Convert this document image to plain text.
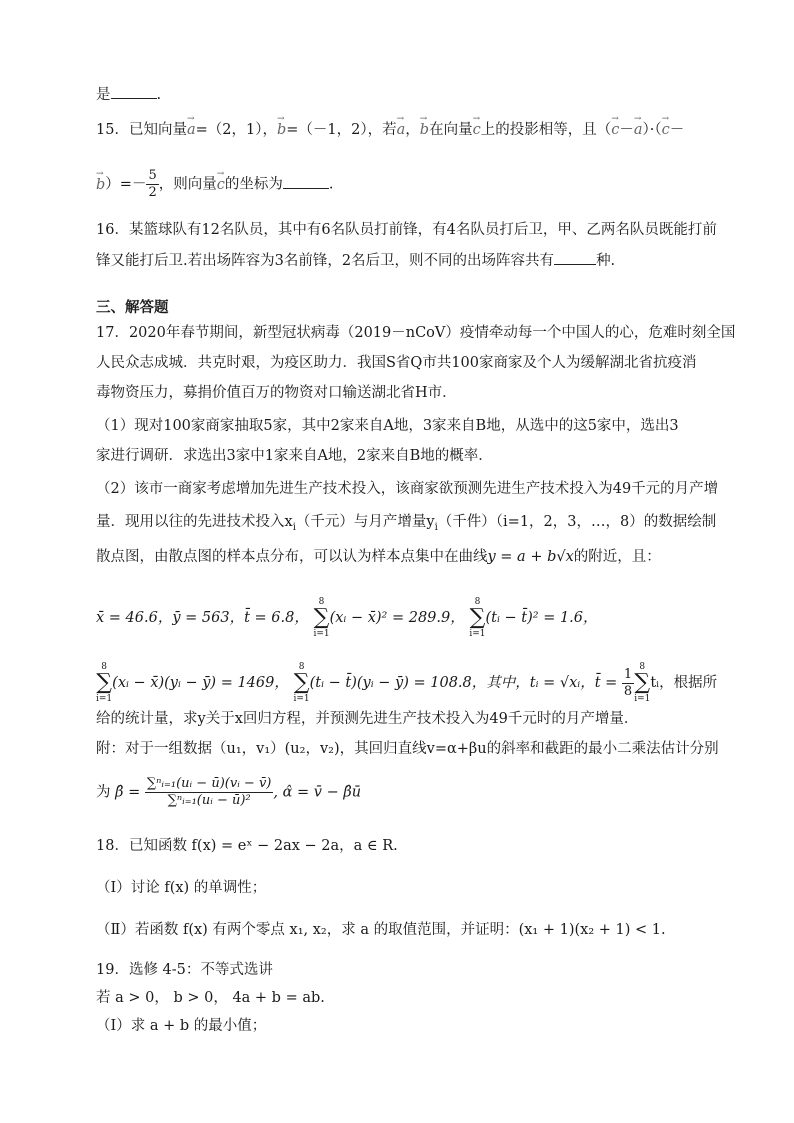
是	.
15．已知向量→ a=（2，1），→ b=（－1，2），若→ a，→ b在向量→ c上的投影相等，且（→ c－→ a）·（→ c－
→ $b)=- \frac{5}{2}$ ，则向量→ c的坐标为	.
16．某篮球队有12名队员，其中有6名队员打前锋，有4名队员打后卫，甲、乙两名队员既能打前
锋又能打后卫.若出场阵容为3名前锋，2名后卫，则不同的出场阵容共有	种.
三、解答题
17．2020年春节期间，新型冠状病毒（2019－nCoV）疫情牵动每一个中国人的心，危难时刻全国
人民众志成城．共克时艰，为疫区助力．我国S省Q市共100家商家及个人为缓解湖北省抗疫消
毒物资压力，募捐价值百万的物资对口输送湖北省H市．
（1）现对100家商家抽取5家，其中2家来自A地，3家来自B地，从选中的这5家中，选出3
家进行调研．求选出3家中1家来自A地，2家来自B地的概率．
（2）该市一商家考虑增加先进生产技术投入，该商家欲预测先进生产技术投入为49千元的月产增
量．现用以往的先进技术投入$x_i$（千元）与月产增量$y_i$（千件）（i=1，2，3，…，8）的数据绘制
散点图，由散点图的样本点分布，可以认为样本点集中在曲线y = a + b√x的附近，且：
x̄ = 46.6，ȳ = 563，t̄ = 6.8，
8
∑
i=1
(xᵢ − x̄)² = 289.9，
8
∑
i=1
(tᵢ − t̄)² = 1.6，
8
∑
i=1
(xᵢ − x̄)(yᵢ − ȳ) = 1469，
8
∑
i=1
(tᵢ − t̄)(yᵢ − ȳ) = 108.8，其中，tᵢ = √xᵢ，t̄ = $\frac{1}{8} 8$
∑
i=1
tᵢ，根据所
给的统计量，求y关于x回归方程，并预测先进生产技术投入为49千元时的月产增量．
附：对于一组数据（u₁，v₁）(u₂，v₂)，其回归直线v=α+βu的斜率和截距的最小二乘法估计分别
为 β̂ = $\frac{\text{∑ⁿᵢ₌₁(uᵢ − ū)(vᵢ − v̄)}}{\text{∑ⁿᵢ₌₁(uᵢ − ū)²}}$ , α̂ = v̄ − β̂ū
18．已知函数 f(x) = eˣ − 2ax − 2a，a ∈ R.
（Ⅰ）讨论 f(x) 的单调性；
（Ⅱ）若函数 f(x) 有两个零点 x₁, x₂，求 a 的取值范围，并证明：(x₁ + 1)(x₂ + 1) < 1.
19．选修 4-5：不等式选讲
若 a > 0， b > 0， 4a + b = ab.
（Ⅰ）求 a + b 的最小值；
